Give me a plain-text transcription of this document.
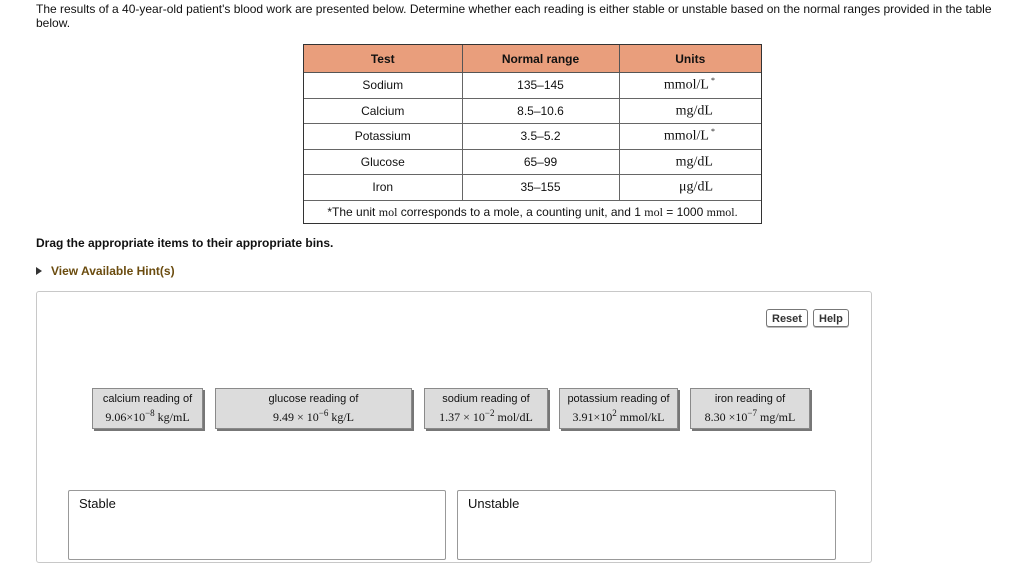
The results of a 40-year-old patient's blood work are presented below. Determine whether each reading is either stable or unstable based on the normal ranges provided in the table below.

Test	Normal range	Units
Sodium	135–145	mmol/L *
Calcium	8.5–10.6	mg/dL
Potassium	3.5–5.2	mmol/L *
Glucose	65–99	mg/dL
Iron	35–155	μg/dL
*The unit mol corresponds to a mole, a counting unit, and 1 mol = 1000 mmol.

Drag the appropriate items to their appropriate bins.

View Available Hint(s)
Reset	Help
calcium reading of
$9.06\times 10^{-8}$ kg/mL
glucose reading of
$9.49 \times 10^{-6}$ kg/L
sodium reading of
$1.37 \times 10^{-2}$ mol/dL
potassium reading of
$3.91\times 10^2$ mmol/kL
iron reading of
$8.30 \times 10^{-7}$ mg/mL
Stable	Unstable
